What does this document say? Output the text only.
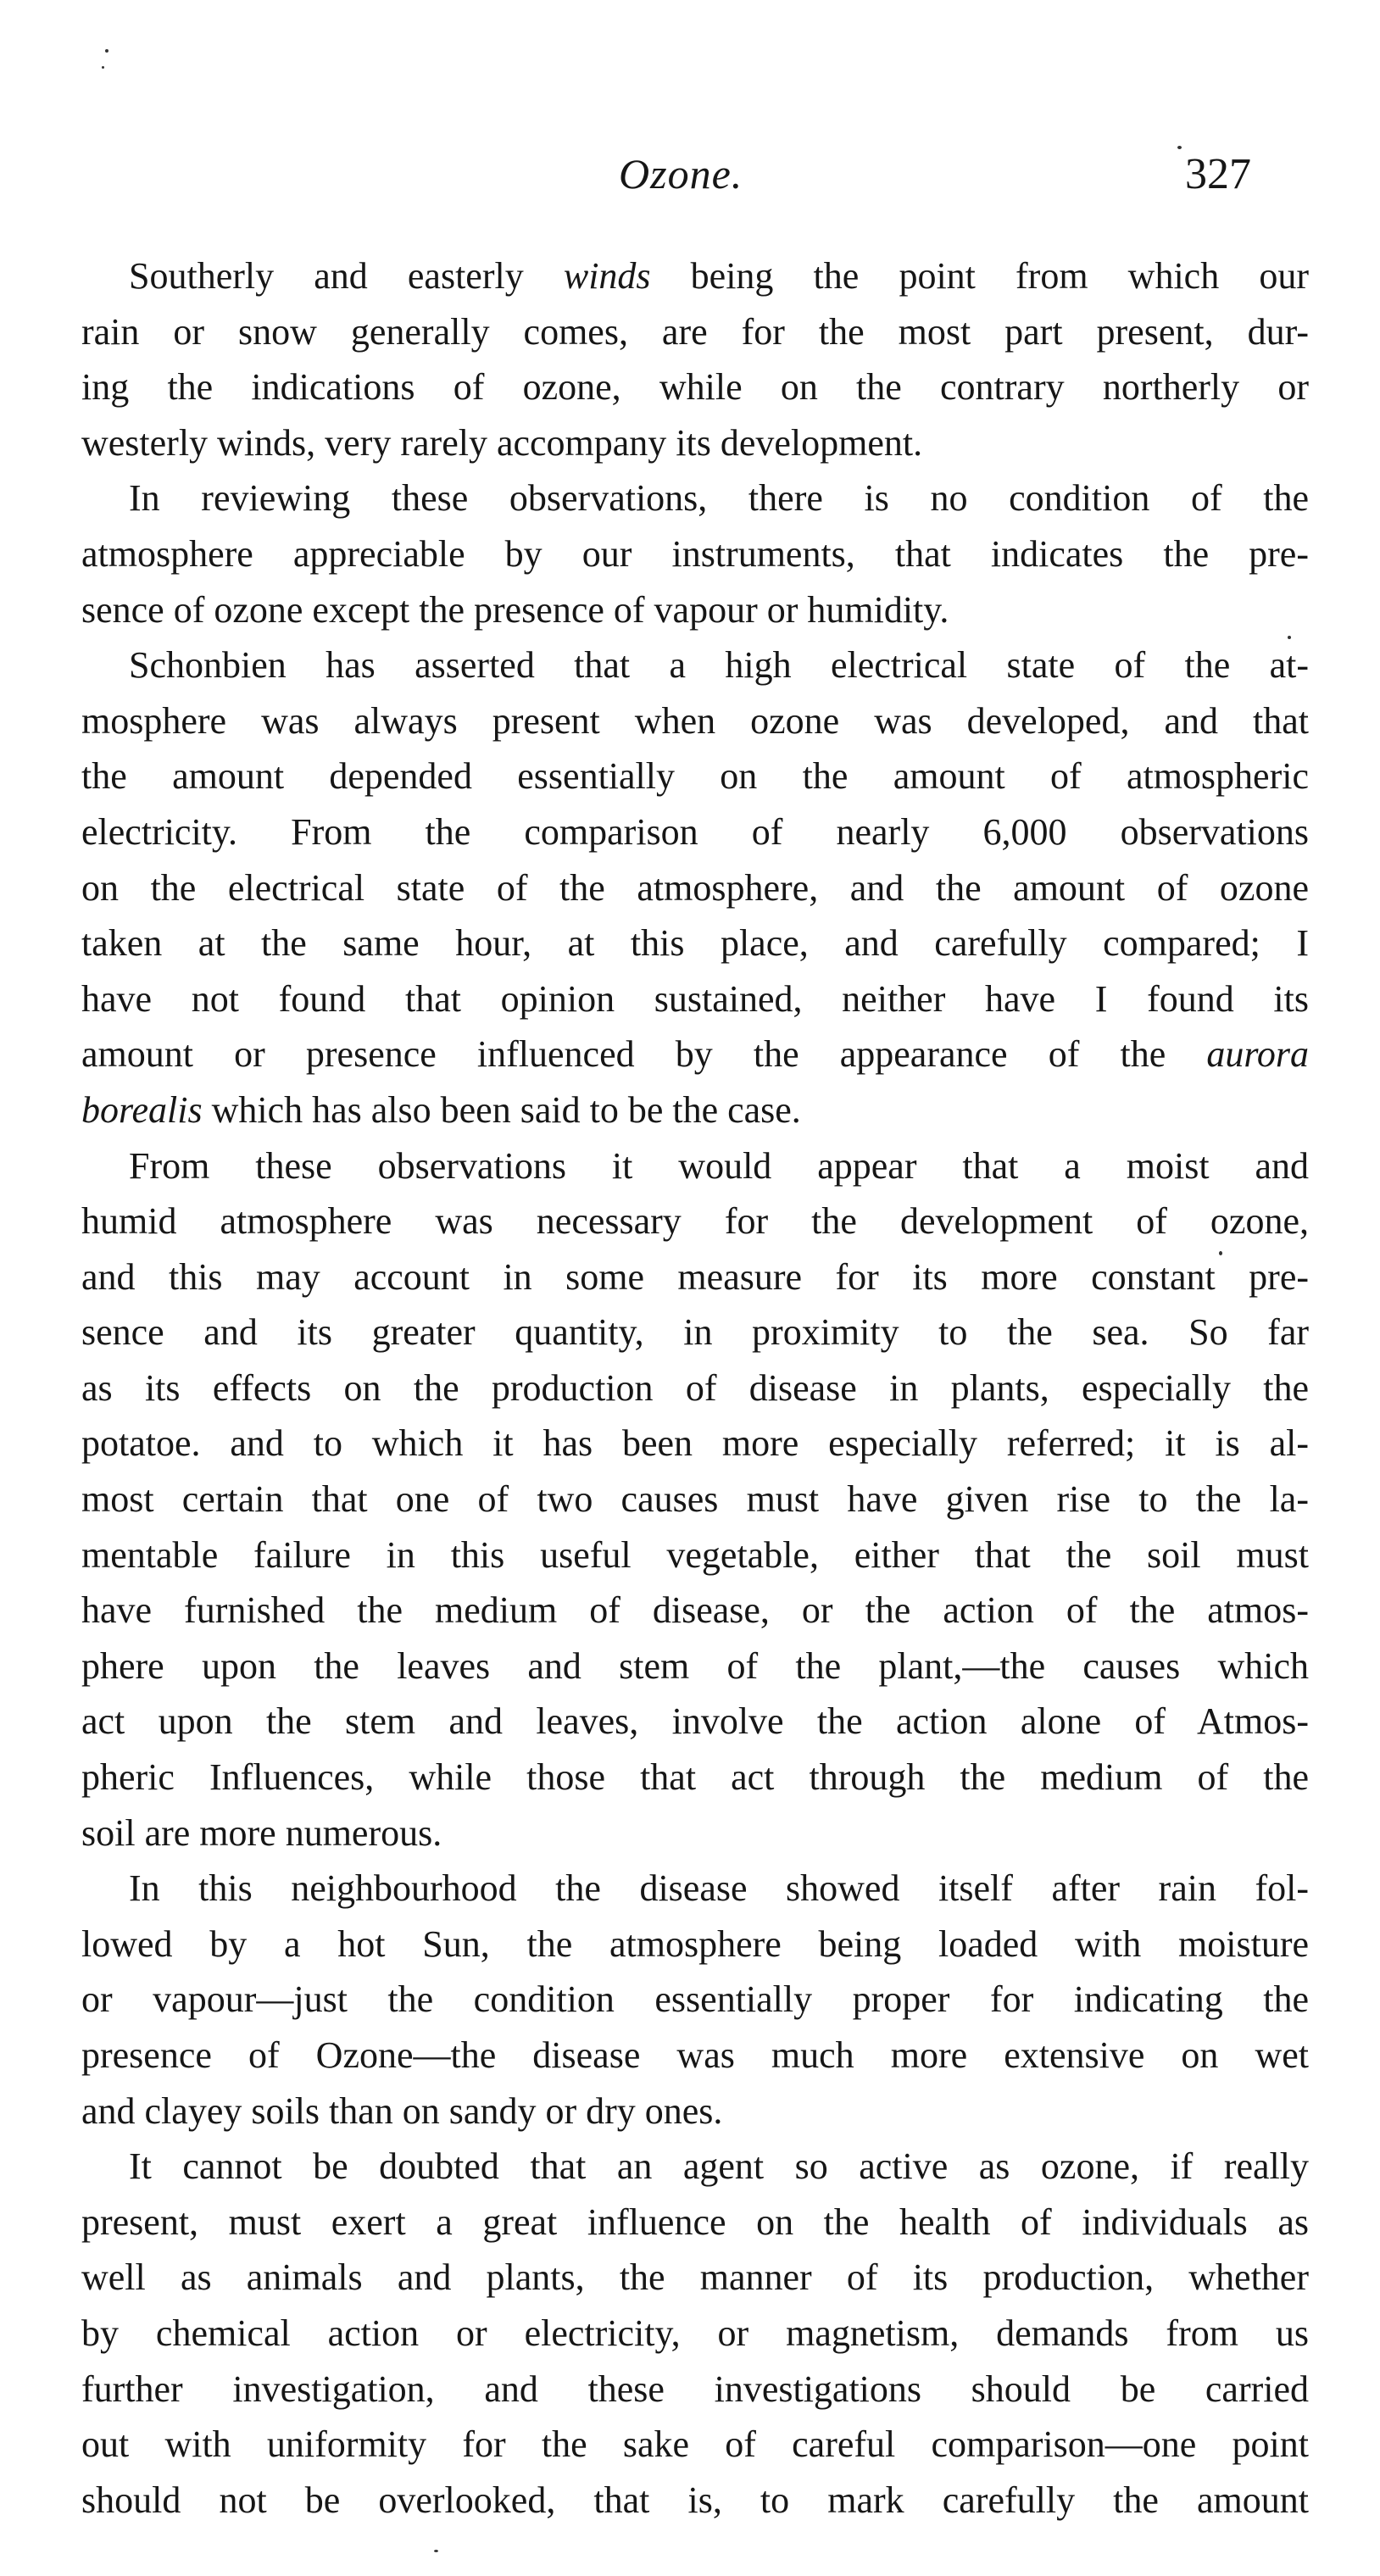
Ozone.	327
Southerly and easterly winds being the point from which our
rain or snow generally comes, are for the most part present, dur-
ing the indications of ozone, while on the contrary northerly or
westerly winds, very rarely accompany its development.
In reviewing these observations, there is no condition of the
atmosphere appreciable by our instruments, that indicates the pre-
sence of ozone except the presence of vapour or humidity.
Schonbien has asserted that a high electrical state of the at-
mosphere was always present when ozone was developed, and that
the amount depended essentially on the amount of atmospheric
electricity. From the comparison of nearly 6,000 observations
on the electrical state of the atmosphere, and the amount of ozone
taken at the same hour, at this place, and carefully compared; I
have not found that opinion sustained, neither have I found its
amount or presence influenced by the appearance of the aurora
borealis which has also been said to be the case.
From these observations it would appear that a moist and
humid atmosphere was necessary for the development of ozone,
and this may account in some measure for its more constant pre-
sence and its greater quantity, in proximity to the sea. So far
as its effects on the production of disease in plants, especially the
potatoe. and to which it has been more especially referred; it is al-
most certain that one of two causes must have given rise to the la-
mentable failure in this useful vegetable, either that the soil must
have furnished the medium of disease, or the action of the atmos-
phere upon the leaves and stem of the plant,—the causes which
act upon the stem and leaves, involve the action alone of Atmos-
pheric Influences, while those that act through the medium of the
soil are more numerous.
In this neighbourhood the disease showed itself after rain fol-
lowed by a hot Sun, the atmosphere being loaded with moisture
or vapour—just the condition essentially proper for indicating the
presence of Ozone—the disease was much more extensive on wet
and clayey soils than on sandy or dry ones.
It cannot be doubted that an agent so active as ozone, if really
present, must exert a great influence on the health of individuals as
well as animals and plants, the manner of its production, whether
by chemical action or electricity, or magnetism, demands from us
further investigation, and these investigations should be carried
out with uniformity for the sake of careful comparison—one point
should not be overlooked, that is, to mark carefully the amount
